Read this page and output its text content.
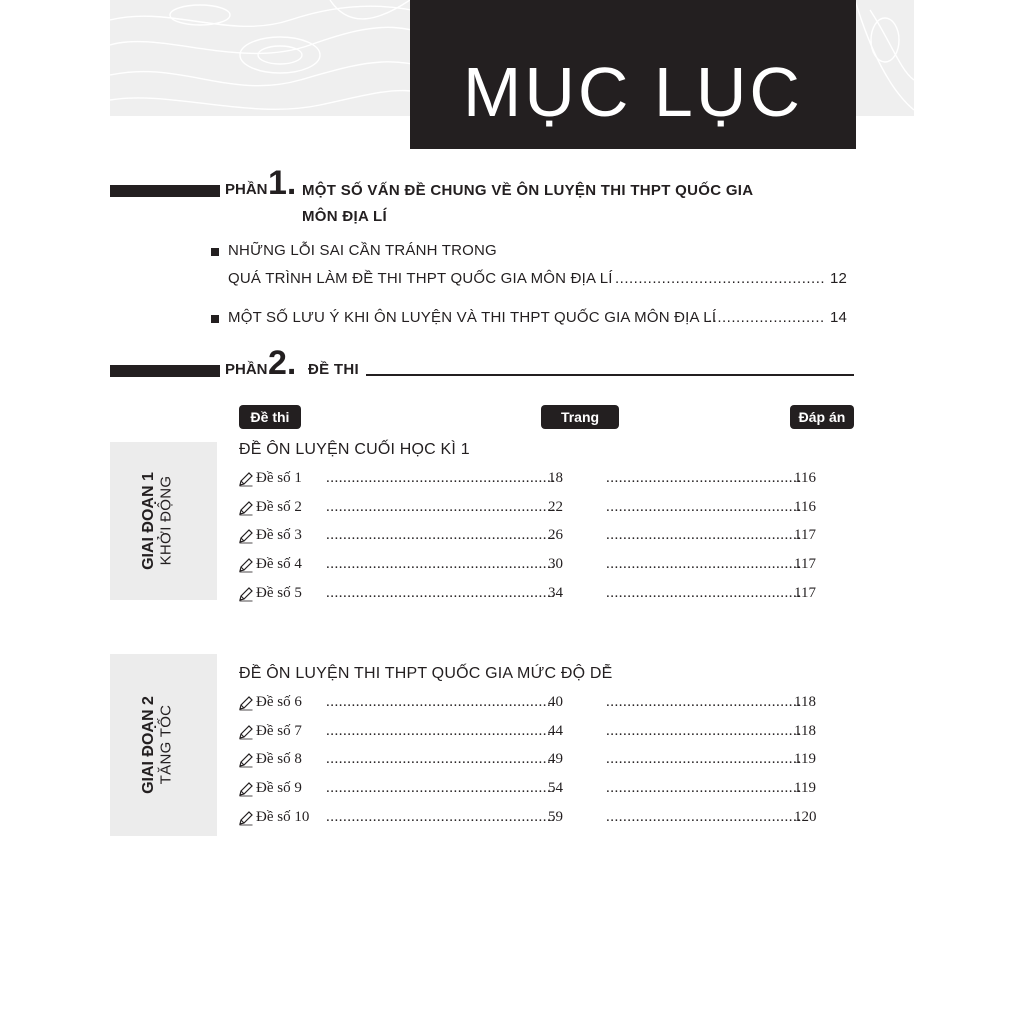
MỤC LỤC
PHẦN 1. MỘT SỐ VẤN ĐỀ CHUNG VỀ ÔN LUYỆN THI THPT QUỐC GIA
MÔN ĐỊA LÍ
NHỮNG LỖI SAI CẦN TRÁNH TRONG
QUÁ TRÌNH LÀM ĐỀ THI THPT QUỐC GIA MÔN ĐỊA LÍ .....	12
MỘT SỐ LƯU Ý KHI ÔN LUYỆN VÀ THI THPT QUỐC GIA MÔN ĐỊA LÍ .....	14
PHẦN 2. ĐỀ THI
Đề thi	Trang	Đáp án
GIAI ĐOẠN 1 KHỞI ĐỘNG
ĐỀ ÔN LUYỆN CUỐI HỌC KÌ 1
GIAI ĐOẠN 2 TĂNG TỐC
ĐỀ ÔN LUYỆN THI THPT QUỐC GIA MỨC ĐỘ DỄ
Đề số 1 .....	18 .....	116
Đề số 2 .....	22 .....	116
Đề số 3 .....	26 .....	117
Đề số 4 .....	30 .....	117
Đề số 5 .....	34 .....	117
Đề số 6 .....	40 .....	118
Đề số 7 .....	44 .....	118
Đề số 8 .....	49 .....	119
Đề số 9 .....	54 .....	119
Đề số 10 .....	59 .....	120
